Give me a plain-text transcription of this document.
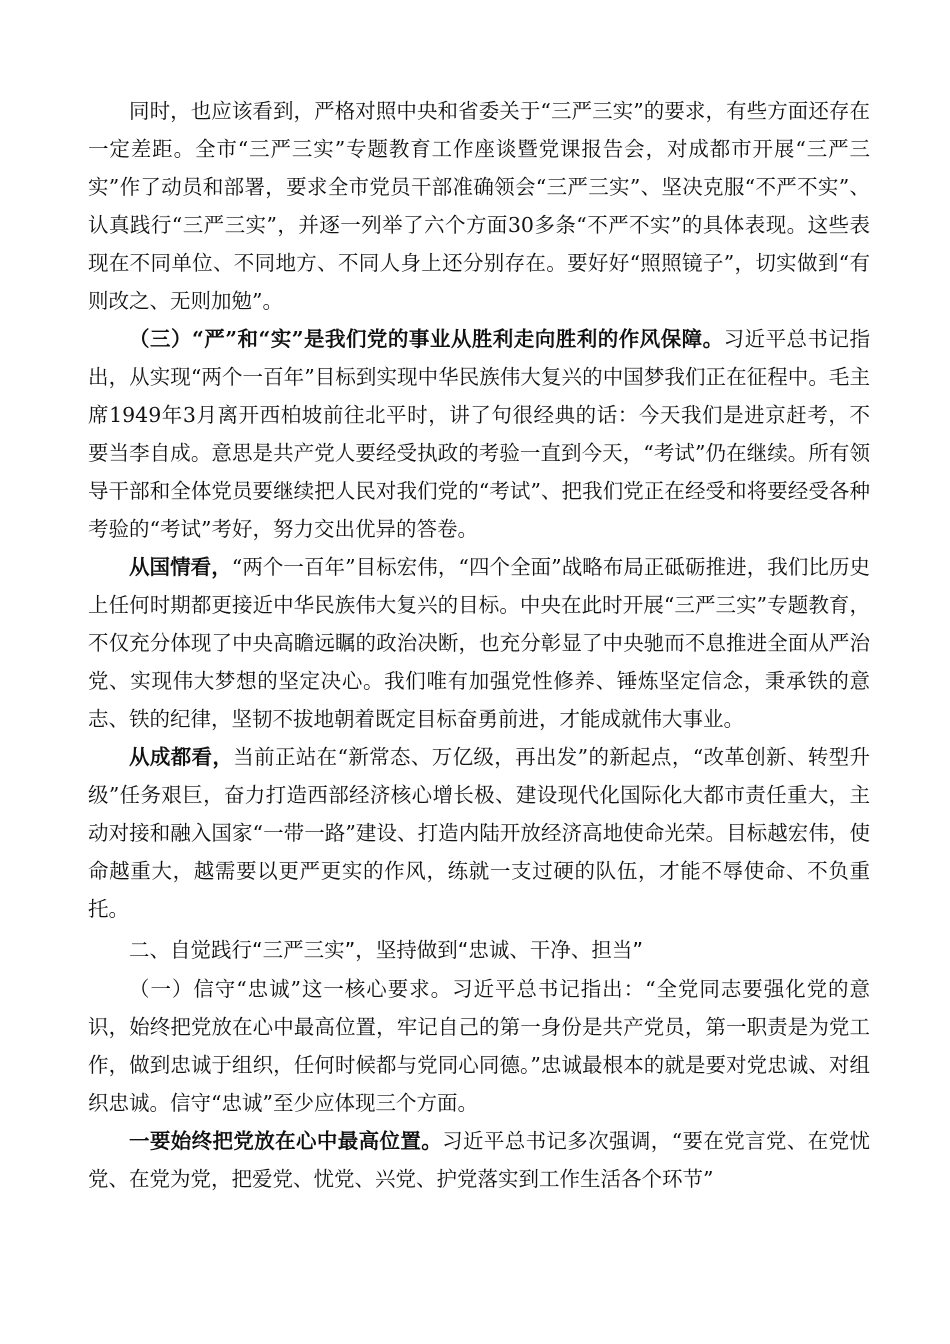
同时，也应该看到，严格对照中央和省委关于“三严三实”的要求，有些方面还存在一定差距。全市“三严三实”专题教育工作座谈暨党课报告会，对成都市开展“三严三实”作了动员和部署，要求全市党员干部准确领会“三严三实”、坚决克服“不严不实”、认真践行“三严三实”，并逐一列举了六个方面30多条“不严不实”的具体表现。这些表现在不同单位、不同地方、不同人身上还分别存在。要好好“照照镜子”，切实做到“有则改之、无则加勉”。

（三）“严”和“实”是我们党的事业从胜利走向胜利的作风保障。习近平总书记指出，从实现“两个一百年”目标到实现中华民族伟大复兴的中国梦我们正在征程中。毛主席1949年3月离开西柏坡前往北平时，讲了句很经典的话：今天我们是进京赶考，不要当李自成。意思是共产党人要经受执政的考验一直到今天，“考试”仍在继续。所有领导干部和全体党员要继续把人民对我们党的“考试”、把我们党正在经受和将要经受各种考验的“考试”考好，努力交出优异的答卷。

从国情看，“两个一百年”目标宏伟，“四个全面”战略布局正砥砺推进，我们比历史上任何时期都更接近中华民族伟大复兴的目标。中央在此时开展“三严三实”专题教育，不仅充分体现了中央高瞻远瞩的政治决断，也充分彰显了中央驰而不息推进全面从严治党、实现伟大梦想的坚定决心。我们唯有加强党性修养、锤炼坚定信念，秉承铁的意志、铁的纪律，坚韧不拔地朝着既定目标奋勇前进，才能成就伟大事业。

从成都看，当前正站在“新常态、万亿级，再出发”的新起点，“改革创新、转型升级”任务艰巨，奋力打造西部经济核心增长极、建设现代化国际化大都市责任重大，主动对接和融入国家“一带一路”建设、打造内陆开放经济高地使命光荣。目标越宏伟，使命越重大，越需要以更严更实的作风，练就一支过硬的队伍，才能不辱使命、不负重托。

二、自觉践行“三严三实”，坚持做到“忠诚、干净、担当”

（一）信守“忠诚”这一核心要求。习近平总书记指出：“全党同志要强化党的意识，始终把党放在心中最高位置，牢记自己的第一身份是共产党员，第一职责是为党工作，做到忠诚于组织，任何时候都与党同心同德。”忠诚最根本的就是要对党忠诚、对组织忠诚。信守“忠诚”至少应体现三个方面。

一要始终把党放在心中最高位置。习近平总书记多次强调，“要在党言党、在党忧党、在党为党，把爱党、忧党、兴党、护党落实到工作生活各个环节”
